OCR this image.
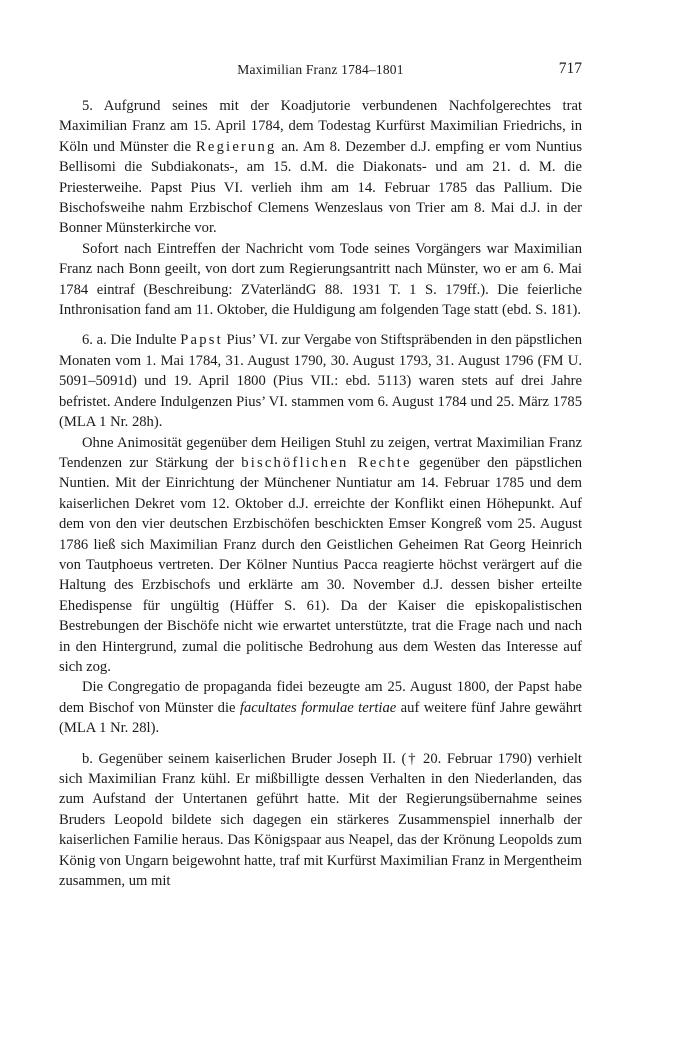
Maximilian Franz 1784–1801	717

5. Aufgrund seines mit der Koadjutorie verbundenen Nachfolgerechtes trat Maximilian Franz am 15. April 1784, dem Todestag Kurfürst Maximilian Friedrichs, in Köln und Münster die Regierung an. Am 8. Dezember d.J. empfing er vom Nuntius Bellisomi die Subdiakonats-, am 15. d.M. die Diakonats- und am 21. d. M. die Priesterweihe. Papst Pius VI. verlieh ihm am 14. Februar 1785 das Pallium. Die Bischofsweihe nahm Erzbischof Clemens Wenzeslaus von Trier am 8. Mai d.J. in der Bonner Münsterkirche vor.

Sofort nach Eintreffen der Nachricht vom Tode seines Vorgängers war Maximilian Franz nach Bonn geeilt, von dort zum Regierungsantritt nach Münster, wo er am 6. Mai 1784 eintraf (Beschreibung: ZVaterländG 88. 1931 T. 1 S. 179ff.). Die feierliche Inthronisation fand am 11. Oktober, die Huldigung am folgenden Tage statt (ebd. S. 181).

6. a. Die Indulte Papst Pius’ VI. zur Vergabe von Stiftspräbenden in den päpstlichen Monaten vom 1. Mai 1784, 31. August 1790, 30. August 1793, 31. August 1796 (FM U. 5091–5091d) und 19. April 1800 (Pius VII.: ebd. 5113) waren stets auf drei Jahre befristet. Andere Indulgenzen Pius’ VI. stammen vom 6. August 1784 und 25. März 1785 (MLA 1 Nr. 28h).

Ohne Animosität gegenüber dem Heiligen Stuhl zu zeigen, vertrat Maximilian Franz Tendenzen zur Stärkung der bischöflichen Rechte gegenüber den päpstlichen Nuntien. Mit der Einrichtung der Münchener Nuntiatur am 14. Februar 1785 und dem kaiserlichen Dekret vom 12. Oktober d.J. erreichte der Konflikt einen Höhepunkt. Auf dem von den vier deutschen Erzbischöfen beschickten Emser Kongreß vom 25. August 1786 ließ sich Maximilian Franz durch den Geistlichen Geheimen Rat Georg Heinrich von Tautphoeus vertreten. Der Kölner Nuntius Pacca reagierte höchst verärgert auf die Haltung des Erzbischofs und erklärte am 30. November d.J. dessen bisher erteilte Ehedispense für ungültig (Hüffer S. 61). Da der Kaiser die episkopalistischen Bestrebungen der Bischöfe nicht wie erwartet unterstützte, trat die Frage nach und nach in den Hintergrund, zumal die politische Bedrohung aus dem Westen das Interesse auf sich zog.

Die Congregatio de propaganda fidei bezeugte am 25. August 1800, der Papst habe dem Bischof von Münster die facultates formulae tertiae auf weitere fünf Jahre gewährt (MLA 1 Nr. 28l).

b. Gegenüber seinem kaiserlichen Bruder Joseph II. († 20. Februar 1790) verhielt sich Maximilian Franz kühl. Er mißbilligte dessen Verhalten in den Niederlanden, das zum Aufstand der Untertanen geführt hatte. Mit der Regierungsübernahme seines Bruders Leopold bildete sich dagegen ein stärkeres Zusammenspiel innerhalb der kaiserlichen Familie heraus. Das Königspaar aus Neapel, das der Krönung Leopolds zum König von Ungarn beigewohnt hatte, traf mit Kurfürst Maximilian Franz in Mergentheim zusammen, um mit
